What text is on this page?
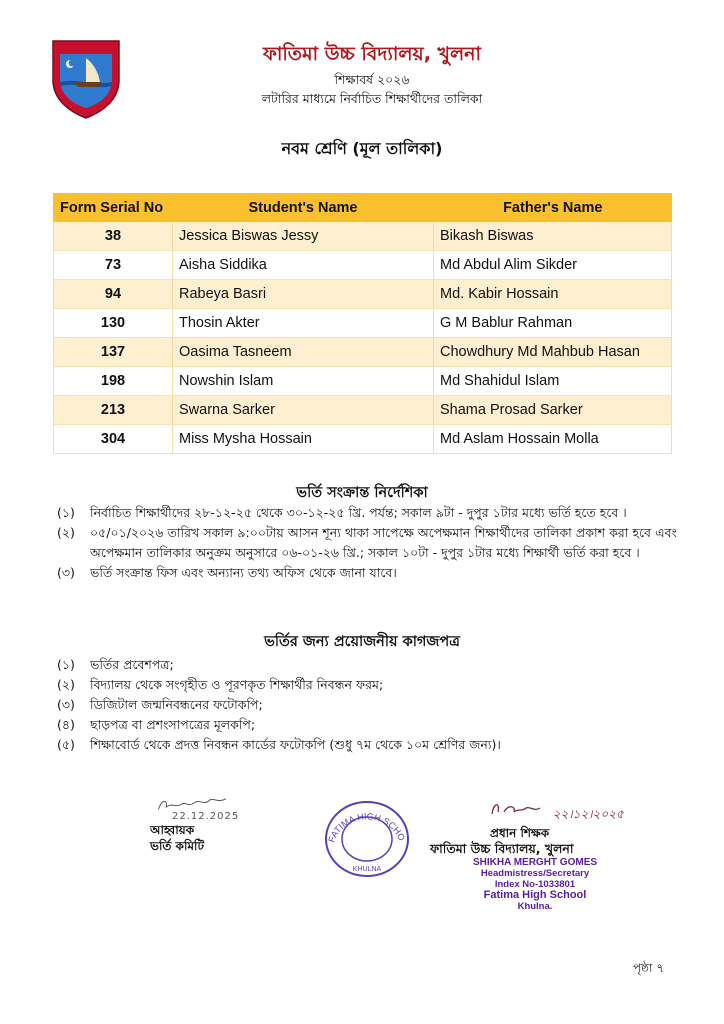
ফাতিমা উচ্চ বিদ্যালয়, খুলনা
শিক্ষাবর্ষ ২০২৬
লটারির মাধ্যমে নির্বাচিত শিক্ষার্থীদের তালিকা
নবম শ্রেণি (মূল তালিকা)
Form Serial No	Student's Name	Father's Name
38	Jessica Biswas Jessy	Bikash Biswas
73	Aisha Siddika	Md Abdul Alim Sikder
94	Rabeya Basri	Md. Kabir Hossain
130	Thosin Akter	G M Bablur Rahman
137	Oasima Tasneem	Chowdhury Md Mahbub Hasan
198	Nowshin Islam	Md Shahidul Islam
213	Swarna Sarker	Shama Prosad Sarker
304	Miss Mysha Hossain	Md Aslam Hossain Molla
ভর্তি সংক্রান্ত নির্দেশিকা
(১)	নির্বাচিত শিক্ষার্থীদের ২৮-১২-২৫ থেকে ৩০-১২-২৫ খ্রি. পর্যন্ত; সকাল ৯টা - দুপুর ১টার মধ্যে ভর্তি হতে হবে ।
(২)	০৫/০১/২০২৬ তারিখ সকাল ৯:০০টায় আসন শূন্য থাকা সাপেক্ষে অপেক্ষমান শিক্ষার্থীদের তালিকা প্রকাশ করা হবে এবং অপেক্ষমান তালিকার অনুক্রম অনুসারে ০৬-০১-২৬ খ্রি.; সকাল ১০টা - দুপুর ১টার মধ্যে শিক্ষার্থী ভর্তি করা হবে ।
(৩)	ভর্তি সংক্রান্ত ফিস এবং অন্যান্য তথ্য অফিস থেকে জানা যাবে।
ভর্তির জন্য প্রয়োজনীয় কাগজপত্র
(১)	ভর্তির প্রবেশপত্র;
(২)	বিদ্যালয় থেকে সংগৃহীত ও পূরণকৃত শিক্ষার্থীর নিবন্ধন ফরম;
(৩)	ডিজিটাল জন্মনিবন্ধনের ফটোকপি;
(৪)	ছাড়পত্র বা প্রশংসাপত্রের মূলকপি;
(৫)	শিক্ষাবোর্ড থেকে প্রদত্ত নিবন্ধন কার্ডের ফটোকপি (শুধু ৭ম থেকে ১০ম শ্রেণির জন্য)।
22.12.2025
আহ্বায়ক
ভর্তি কমিটি	FATIMA HIGH SCHO
KHULNA
২২।১২।২০২৫
প্রধান শিক্ষক
ফাতিমা উচ্চ বিদ্যালয়, খুলনা
SHIKHA MERGHT GOMES
Headmistress/Secretary
Index No-1033801
Fatima High School
Khulna.
পৃষ্ঠা ৭
